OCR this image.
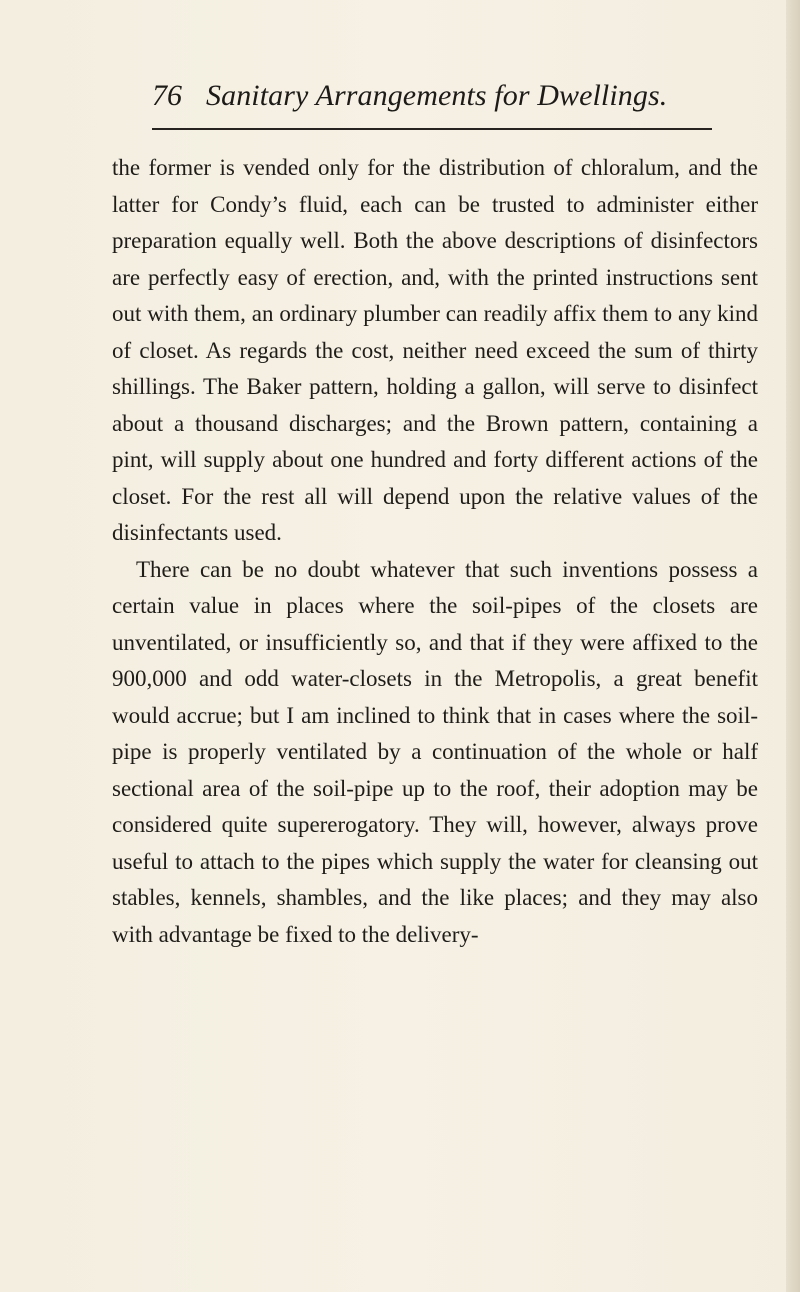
76 Sanitary Arrangements for Dwellings.

the former is vended only for the distribution of chloralum, and the latter for Condy’s fluid, each can be trusted to administer either preparation equally well. Both the above descriptions of disinfectors are perfectly easy of erection, and, with the printed instructions sent out with them, an ordinary plumber can readily affix them to any kind of closet. As regards the cost, neither need exceed the sum of thirty shillings. The Baker pattern, holding a gallon, will serve to disinfect about a thousand discharges; and the Brown pattern, containing a pint, will supply about one hundred and forty different actions of the closet. For the rest all will depend upon the relative values of the disinfectants used.

There can be no doubt whatever that such inventions possess a certain value in places where the soil-pipes of the closets are unventilated, or insufficiently so, and that if they were affixed to the 900,000 and odd water-closets in the Metropolis, a great benefit would accrue; but I am inclined to think that in cases where the soil-pipe is properly ventilated by a continuation of the whole or half sectional area of the soil-pipe up to the roof, their adoption may be considered quite supererogatory. They will, however, always prove useful to attach to the pipes which supply the water for cleansing out stables, kennels, shambles, and the like places; and they may also with advantage be fixed to the delivery-
